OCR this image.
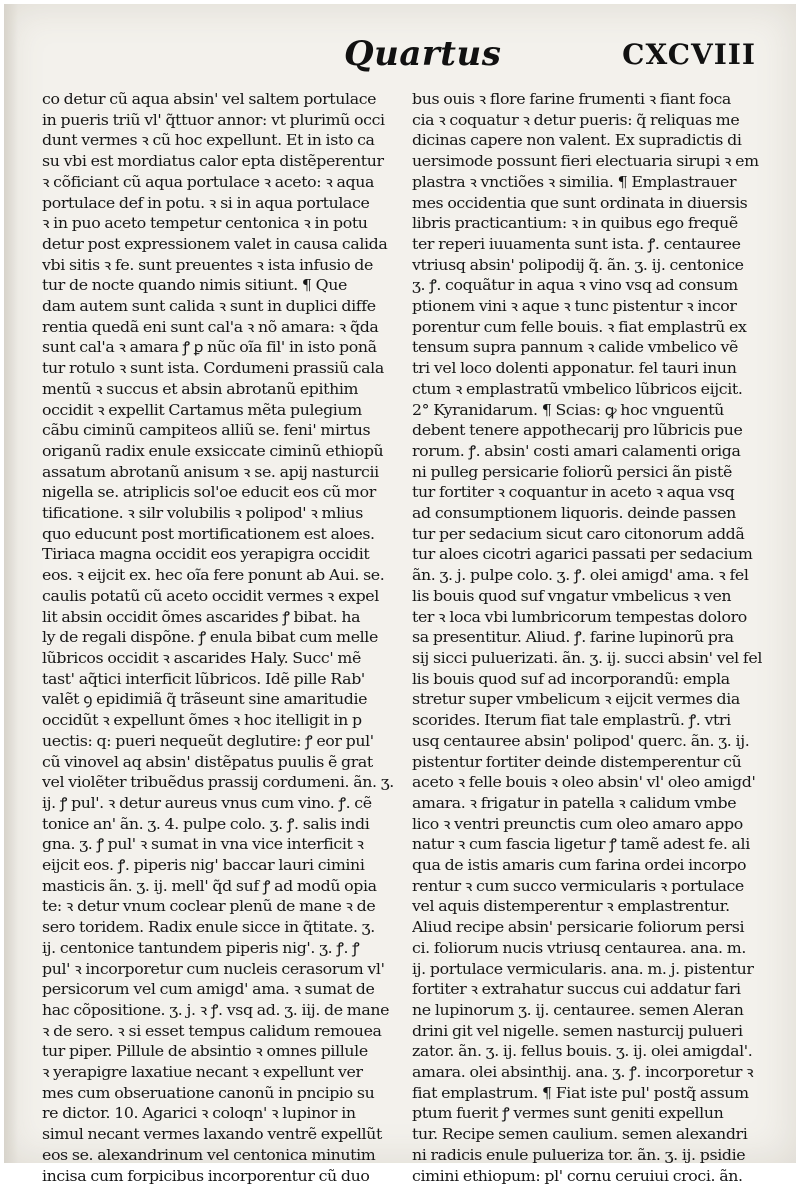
Quartus	CXCVIII
co detur cũ aqua absin' vel saltem portulace
in pueris triũ vl' q̃ttuor annor: vt plurimũ occi
dunt vermes ꝛ cũ hoc expellunt. Et in isto ca
su vbi est mordiatus calor epta distẽperentur
ꝛ cõficiant cũ aqua portulace ꝛ aceto: ꝛ aqua
portulace def in potu. ꝛ si in aqua portulace
ꝛ in puo aceto tempetur centonica ꝛ in potu
detur post expressionem valet in causa calida
vbi sitis ꝛ fe. sunt preuentes ꝛ ista infusio de
tur de nocte quando nimis sitiunt. ¶ Que
dam autem sunt calida ꝛ sunt in duplici diffe
rentia quedã eni sunt cal'a ꝛ nõ amara: ꝛ q̃da
sunt cal'a ꝛ amara ꝭ ꝑ nũc oĩa fil' in isto ponã
tur rotulo ꝛ sunt ista. Cordumeni prassiũ cala
mentũ ꝛ succus et absin abrotanũ epithim
occidit ꝛ expellit Cartamus mẽta pulegium
cãbu ciminũ campiteos alliũ se. feni' mirtus
origanũ radix enule exsiccate ciminũ ethiopũ
assatum abrotanũ anisum ꝛ se. apij nasturcii
nigella se. atriplicis sol'oe educit eos cũ mor
tificatione. ꝛ silr volubilis ꝛ polipod' ꝛ mlius
quo educunt post mortificationem est aloes.
Tiriaca magna occidit eos yerapigra occidit
eos. ꝛ eijcit ex. hec oĩa fere ponunt ab Aui. se.
caulis potatũ cũ aceto occidit vermes ꝛ expel
lit absin occidit õmes ascarides ꝭ bibat. ha
ly de regali dispõne. ꝭ enula bibat cum melle
lũbricos occidit ꝛ ascarides Haly. Succ' mẽ
tast' aq̃tici interficit lũbricos. Idẽ pille Rab'
valẽt ꝯ epidimiã q̃ trãseunt sine amaritudie
occidũt ꝛ expellunt õmes ꝛ hoc itelligit in p
uectis: q: pueri nequeũt deglutire: ꝭ eor pul'
cũ vinovel aq absin' distẽpatus puulis ẽ grat
vel violẽter tribuẽdus prassij cordumeni. ãn. ʒ.
ij. ꝭ pul'. ꝛ detur aureus vnus cum vino. ꝭ. cẽ
tonice an' ãn. ʒ. 4. pulpe colo. ʒ. ꝭ. salis indi
gna. ʒ. ꝭ pul' ꝛ sumat in vna vice interficit ꝛ
eijcit eos. ꝭ. piperis nig' baccar lauri cimini
masticis ãn. ʒ. ij. mell' q̃d suf ꝭ ad modũ opia
te: ꝛ detur vnum coclear plenũ de mane ꝛ de
sero toridem. Radix enule sicce in q̃titate. ʒ.
ij. centonice tantundem piperis nig'. ʒ. ꝭ. ꝭ
pul' ꝛ incorporetur cum nucleis cerasorum vl'
persicorum vel cum amigd' ama. ꝛ sumat de
hac cõpositione. ʒ. j. ꝛ ꝭ. vsq ad. ʒ. iij. de mane
ꝛ de sero. ꝛ si esset tempus calidum remouea
tur piper. Pillule de absintio ꝛ omnes pillule
ꝛ yerapigre laxatiue necant ꝛ expellunt ver
mes cum obseruatione canonũ in pncipio su
re dictor. 10. Agarici ꝛ coloqn' ꝛ lupinor in
simul necant vermes laxando ventrẽ expellũt
eos se. alexandrinum vel centonica minutim
incisa cum forpicibus incorporentur cũ duo
bus ouis ꝛ flore farine frumenti ꝛ fiant foca
cia ꝛ coquatur ꝛ detur pueris: q̃ reliquas me
dicinas capere non valent. Ex supradictis di
uersimode possunt fieri electuaria sirupi ꝛ em
plastra ꝛ vnctiões ꝛ similia. ¶ Emplastrauer
mes occidentia que sunt ordinata in diuersis
libris practicantium: ꝛ in quibus ego frequẽ
ter reperi iuuamenta sunt ista. ꝭ. centauree
vtriusq absin' polipodij q̃. ãn. ʒ. ij. centonice
ʒ. ꝭ. coquãtur in aqua ꝛ vino vsq ad consum
ptionem vini ꝛ aque ꝛ tunc pistentur ꝛ incor
porentur cum felle bouis. ꝛ fiat emplastrũ ex
tensum supra pannum ꝛ calide vmbelico vẽ
tri vel loco dolenti apponatur. fel tauri inun
ctum ꝛ emplastratũ vmbelico lũbricos eijcit.
2° Kyranidarum. ¶ Scias: ꝙ hoc vnguentũ
debent tenere appothecarij pro lũbricis pue
rorum. ꝭ. absin' costi amari calamenti origa
ni pulleg persicarie foliorũ persici ãn pistẽ
tur fortiter ꝛ coquantur in aceto ꝛ aqua vsq
ad consumptionem liquoris. deinde passen
tur per sedacium sicut caro citonorum addã
tur aloes cicotri agarici passati per sedacium
ãn. ʒ. j. pulpe colo. ʒ. ꝭ. olei amigd' ama. ꝛ fel
lis bouis quod suf vngatur vmbelicus ꝛ ven
ter ꝛ loca vbi lumbricorum tempestas doloro
sa presentitur. Aliud. ꝭ. farine lupinorũ pra
sij sicci puluerizati. ãn. ʒ. ij. succi absin' vel fel
lis bouis quod suf ad incorporandũ: empla
stretur super vmbelicum ꝛ eijcit vermes dia
scorides. Iterum fiat tale emplastrũ. ꝭ. vtri
usq centauree absin' polipod' querc. ãn. ʒ. ij.
pistentur fortiter deinde distemperentur cũ
aceto ꝛ felle bouis ꝛ oleo absin' vl' oleo amigd'
amara. ꝛ frigatur in patella ꝛ calidum vmbe
lico ꝛ ventri preunctis cum oleo amaro appo
natur ꝛ cum fascia ligetur ꝭ tamẽ adest fe. ali
qua de istis amaris cum farina ordei incorpo
rentur ꝛ cum succo vermicularis ꝛ portulace
vel aquis distemperentur ꝛ emplastrentur.
Aliud recipe absin' persicarie foliorum persi
ci. foliorum nucis vtriusq centaurea. ana. m.
ij. portulace vermicularis. ana. m. j. pistentur
fortiter ꝛ extrahatur succus cui addatur fari
ne lupinorum ʒ. ij. centauree. semen Aleran
drini git vel nigelle. semen nasturcij pulueri
zator. ãn. ʒ. ij. fellus bouis. ʒ. ij. olei amigdal'.
amara. olei absinthij. ana. ʒ. ꝭ. incorporetur ꝛ
fiat emplastrum. ¶ Fiat iste pul' postq̃ assum
ptum fuerit ꝭ vermes sunt geniti expellun
tur. Recipe semen caulium. semen alexandri
ni radicis enule pulueriza tor. ãn. ʒ. ij. psidie
cimini ethiopum: pl' cornu ceruiui croci. ãn.
